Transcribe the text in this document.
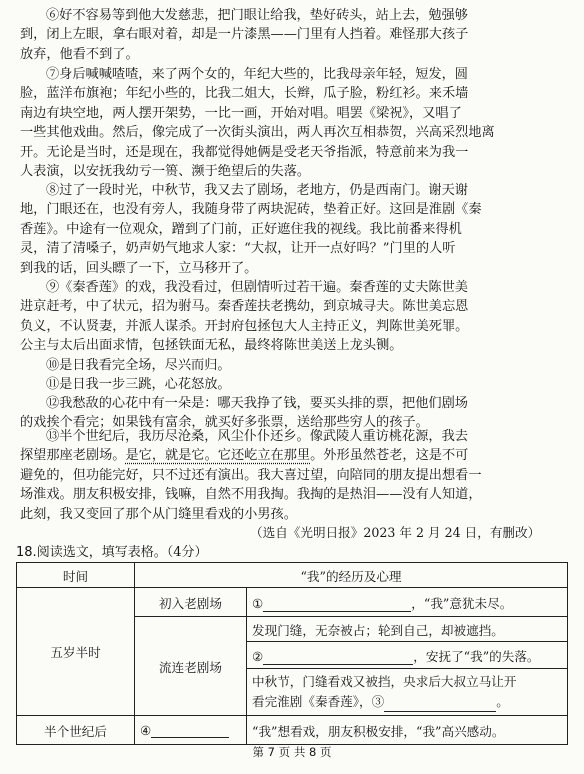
⑥好不容易等到他大发慈悲，把门眼让给我，垫好砖头，站上去，勉强够
到，闭上左眼，拿右眼对着，却是一片漆黑——门里有人挡着。难怪那大孩子
放弃，他看不到了。
⑦身后喊喊喳喳，来了两个女的，年纪大些的，比我母亲年轻，短发，圆
脸，蓝洋布旗袍；年纪小些的，比我二姐大，长辫，瓜子脸，粉红衫。来禾墙
南边有块空地，两人摆开架势，一比一画，开始对唱。唱罢《梁祝》，又唱了
一些其他戏曲。然后，像完成了一次街头演出，两人再次互相恭贺，兴高采烈地离
开。无论是当时，还是现在，我都觉得她俩是受老天爷指派，特意前来为我一
人表演，以安抚我幼亏一篑、濒于绝望后的失落。
⑧过了一段时光，中秋节，我又去了剧场，老地方，仍是西南门。谢天谢
地，门眼还在，也没有旁人，我随身带了两块泥砖，垫着正好。这回是淮剧《秦
香莲》。中途有一位观众，蹭到了门前，正好遮住我的视线。我比前番来得机
灵，清了清嗓子，奶声奶气地求人家：“大叔，让开一点好吗？”门里的人听
到我的话，回头瞟了一下，立马移开了。
⑨《秦香莲》的戏，我没看过，但剧情听过若干遍。秦香莲的丈夫陈世美
进京赶考，中了状元，招为驸马。秦香莲扶老携幼，到京城寻夫。陈世美忘恩
负义，不认贤妻，并派人谋杀。开封府包拯包大人主持正义，判陈世美死罪。
公主与太后出面求情，包拯铁面无私，最终将陈世美送上龙头铡。
⑩是日我看完全场，尽兴而归。
⑪是日我一步三跳，心花怒放。
⑫我愁敌的心花中有一朵是：哪天我挣了钱，要买头排的票，把他们剧场
的戏挨个看完；如果钱有富余，就买好多张票，送给那些穷人的孩子。
⑬半个世纪后，我历尽沧桑，风尘仆仆还乡。像武陵人重访桃花源，我去
探望那座老剧场。是它，就是它。它还屹立在那里。外形虽然苍老，这是不可
避免的，但功能完好，只不过还有演出。我大喜过望，向陪同的朋友提出想看一
场淮戏。朋友积极安排，钱嘛，自然不用我掏。我掏的是热泪——没有人知道，
此刻，我又变回了那个从门缝里看戏的小男孩。
（选自《光明日报》2023 年 2 月 24 日，有删改）
18.阅读选文，填写表格。（4分）
时间	“我”的经历及心理	
五岁半时	初入老剧场	① ，“我”意犹未尽。
	流连老剧场	发现门缝，无奈被占；轮到自己，却被遮挡。
		② ，安抚了“我”的失落。

		中秋节，门缝看戏又被挡，央求后大叔立马让开
看完淮剧《秦香莲》，③ 。
半个世纪后	④	“我”想看戏，朋友积极安排，“我”高兴感动。
第 7 页 共 8 页
